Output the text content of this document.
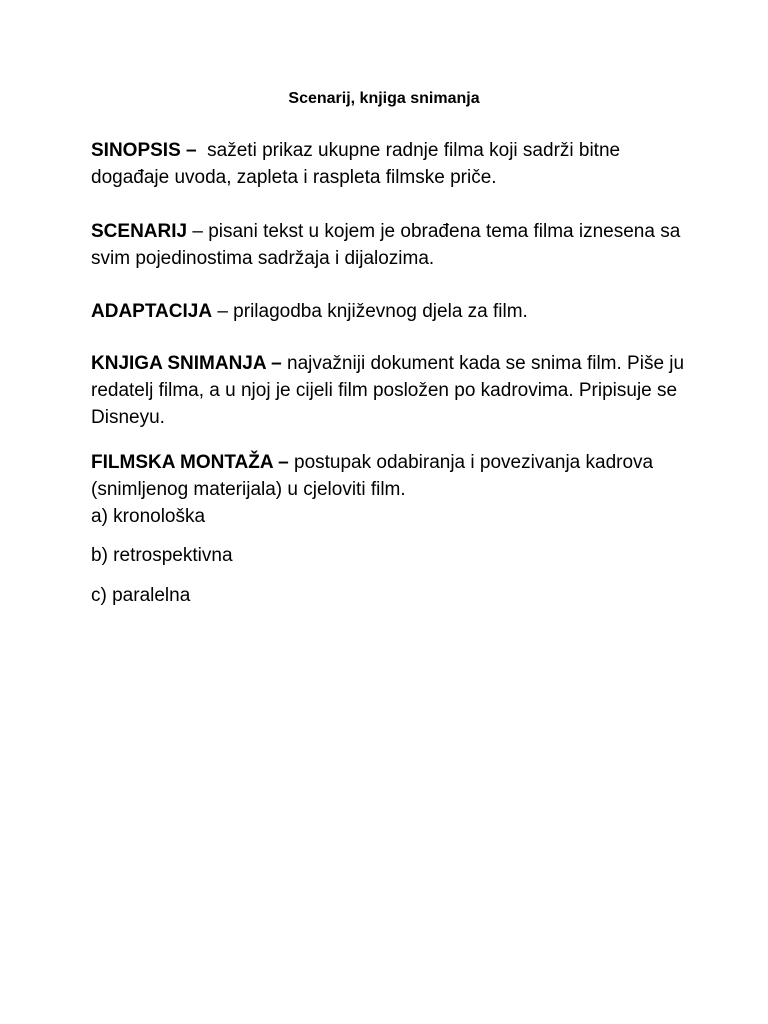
Scenarij, knjiga snimanja
SINOPSIS –  sažeti prikaz ukupne radnje filma koji sadrži bitne događaje uvoda, zapleta i raspleta filmske priče.
SCENARIJ – pisani tekst u kojem je obrađena tema filma iznesena sa svim pojedinostima sadržaja i dijalozima.
ADAPTACIJA – prilagodba književnog djela za film.
KNJIGA SNIMANJA – najvažniji dokument kada se snima film. Piše ju redatelj filma, a u njoj je cijeli film posložen po kadrovima. Pripisuje se Disneyu.
FILMSKA MONTAŽA – postupak odabiranja i povezivanja kadrova (snimljenog materijala) u cjeloviti film.
a) kronološka
b) retrospektivna
c) paralelna
